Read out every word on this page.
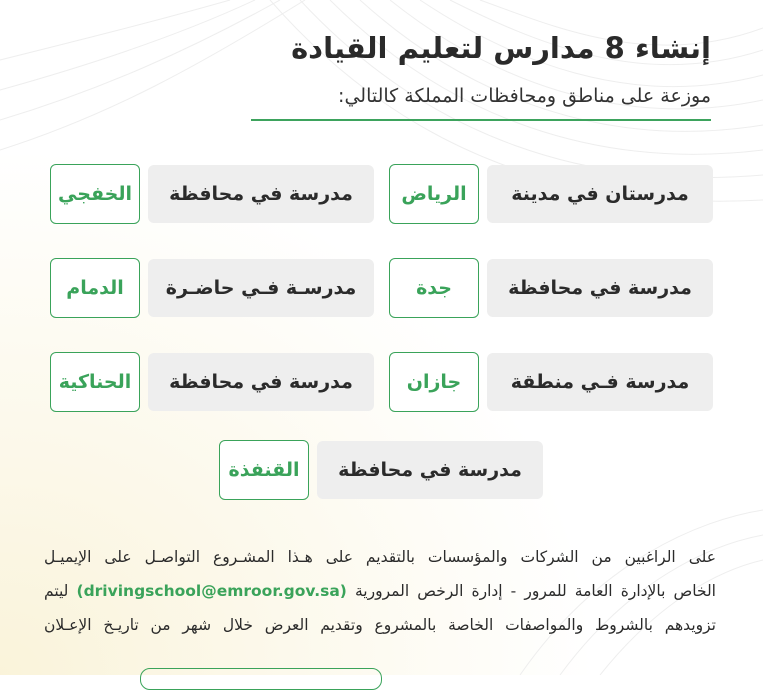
إنشاء 8 مدارس لتعليم القيادة
موزعة على مناطق ومحافظات المملكة كالتالي:
مدرستان في مدينة
الرياض
مدرسة في محافظة
الخفجي
مدرسة في محافظة
جدة
مدرسـة فـي حاضـرة
الدمام
مدرسة فـي منطقة
جازان
مدرسة في محافظة
الحناكية
مدرسة في محافظة
القنفذة

على الراغبين من الشركات والمؤسسات بالتقديم على هـذا المشـروع التواصـل على الإيميـل

الخاص بالإدارة العامة للمرور - إدارة الرخص المرورية (drivingschool@emroor.gov.sa) ليتم

تزويدهم بالشروط والمواصفات الخاصة بالمشروع وتقديم العرض خلال شهر من تاريـخ الإعـلان
